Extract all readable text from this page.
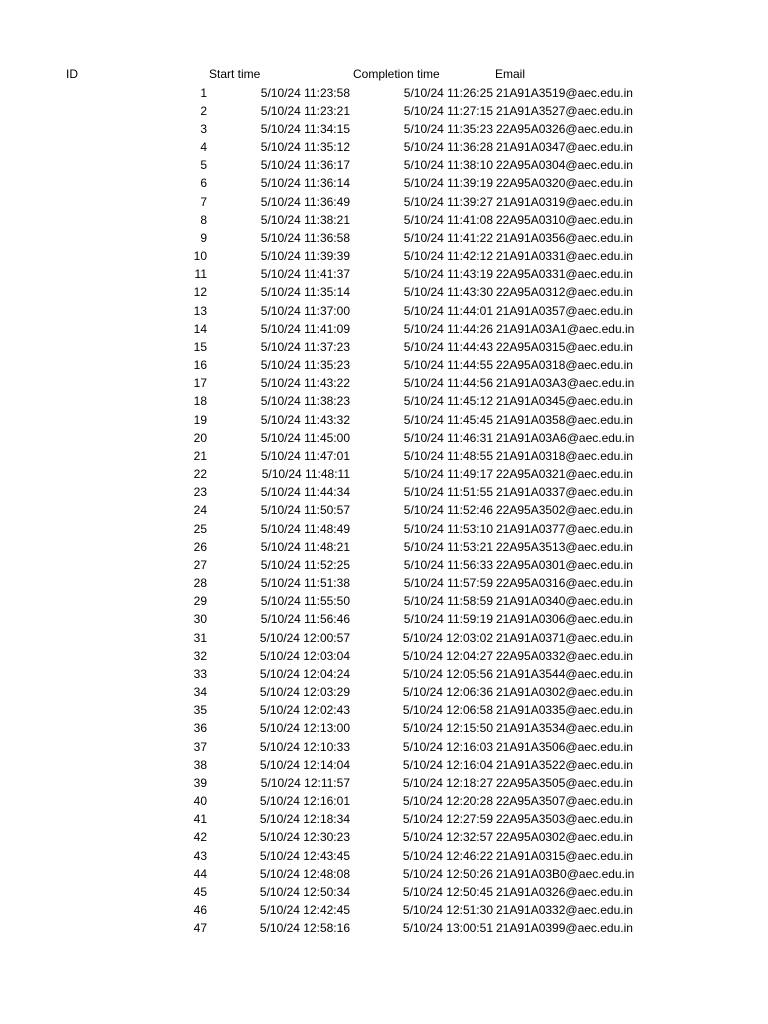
ID	Start time	Completion time	Email
1	5/10/24 11:23:58	5/10/24 11:26:25 21A91A3519@aec.edu.in
2	5/10/24 11:23:21	5/10/24 11:27:15 21A91A3527@aec.edu.in
3	5/10/24 11:34:15	5/10/24 11:35:23 22A95A0326@aec.edu.in
4	5/10/24 11:35:12	5/10/24 11:36:28 21A91A0347@aec.edu.in
5	5/10/24 11:36:17	5/10/24 11:38:10 22A95A0304@aec.edu.in
6	5/10/24 11:36:14	5/10/24 11:39:19 22A95A0320@aec.edu.in
7	5/10/24 11:36:49	5/10/24 11:39:27 21A91A0319@aec.edu.in
8	5/10/24 11:38:21	5/10/24 11:41:08 22A95A0310@aec.edu.in
9	5/10/24 11:36:58	5/10/24 11:41:22 21A91A0356@aec.edu.in
10	5/10/24 11:39:39	5/10/24 11:42:12 21A91A0331@aec.edu.in
11	5/10/24 11:41:37	5/10/24 11:43:19 22A95A0331@aec.edu.in
12	5/10/24 11:35:14	5/10/24 11:43:30 22A95A0312@aec.edu.in
13	5/10/24 11:37:00	5/10/24 11:44:01 21A91A0357@aec.edu.in
14	5/10/24 11:41:09	5/10/24 11:44:26 21A91A03A1@aec.edu.in
15	5/10/24 11:37:23	5/10/24 11:44:43 22A95A0315@aec.edu.in
16	5/10/24 11:35:23	5/10/24 11:44:55 22A95A0318@aec.edu.in
17	5/10/24 11:43:22	5/10/24 11:44:56 21A91A03A3@aec.edu.in
18	5/10/24 11:38:23	5/10/24 11:45:12 21A91A0345@aec.edu.in
19	5/10/24 11:43:32	5/10/24 11:45:45 21A91A0358@aec.edu.in
20	5/10/24 11:45:00	5/10/24 11:46:31 21A91A03A6@aec.edu.in
21	5/10/24 11:47:01	5/10/24 11:48:55 21A91A0318@aec.edu.in
22	5/10/24 11:48:11	5/10/24 11:49:17 22A95A0321@aec.edu.in
23	5/10/24 11:44:34	5/10/24 11:51:55 21A91A0337@aec.edu.in
24	5/10/24 11:50:57	5/10/24 11:52:46 22A95A3502@aec.edu.in
25	5/10/24 11:48:49	5/10/24 11:53:10 21A91A0377@aec.edu.in
26	5/10/24 11:48:21	5/10/24 11:53:21 22A95A3513@aec.edu.in
27	5/10/24 11:52:25	5/10/24 11:56:33 22A95A0301@aec.edu.in
28	5/10/24 11:51:38	5/10/24 11:57:59 22A95A0316@aec.edu.in
29	5/10/24 11:55:50	5/10/24 11:58:59 21A91A0340@aec.edu.in
30	5/10/24 11:56:46	5/10/24 11:59:19 21A91A0306@aec.edu.in
31	5/10/24 12:00:57	5/10/24 12:03:02 21A91A0371@aec.edu.in
32	5/10/24 12:03:04	5/10/24 12:04:27 22A95A0332@aec.edu.in
33	5/10/24 12:04:24	5/10/24 12:05:56 21A91A3544@aec.edu.in
34	5/10/24 12:03:29	5/10/24 12:06:36 21A91A0302@aec.edu.in
35	5/10/24 12:02:43	5/10/24 12:06:58 21A91A0335@aec.edu.in
36	5/10/24 12:13:00	5/10/24 12:15:50 21A91A3534@aec.edu.in
37	5/10/24 12:10:33	5/10/24 12:16:03 21A91A3506@aec.edu.in
38	5/10/24 12:14:04	5/10/24 12:16:04 21A91A3522@aec.edu.in
39	5/10/24 12:11:57	5/10/24 12:18:27 22A95A3505@aec.edu.in
40	5/10/24 12:16:01	5/10/24 12:20:28 22A95A3507@aec.edu.in
41	5/10/24 12:18:34	5/10/24 12:27:59 22A95A3503@aec.edu.in
42	5/10/24 12:30:23	5/10/24 12:32:57 22A95A0302@aec.edu.in
43	5/10/24 12:43:45	5/10/24 12:46:22 21A91A0315@aec.edu.in
44	5/10/24 12:48:08	5/10/24 12:50:26 21A91A03B0@aec.edu.in
45	5/10/24 12:50:34	5/10/24 12:50:45 21A91A0326@aec.edu.in
46	5/10/24 12:42:45	5/10/24 12:51:30 21A91A0332@aec.edu.in
47	5/10/24 12:58:16	5/10/24 13:00:51 21A91A0399@aec.edu.in
